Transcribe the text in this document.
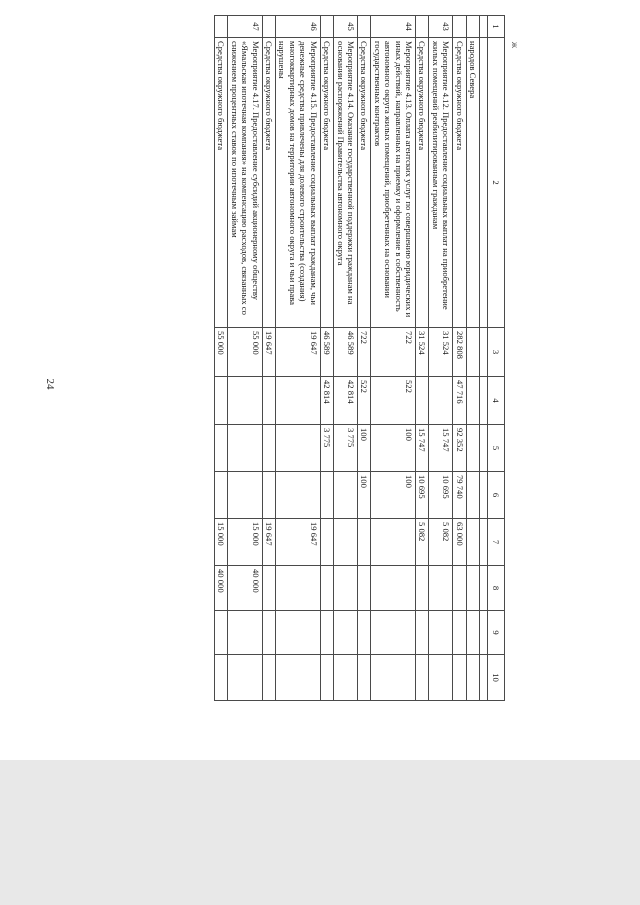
24
ж
1	2	3	4	5	6	7	8	9	10

	народов Севера								
	Средства окружного бюджета	282 808	47 716	92 352	79 740	63 000			
43	Мероприятие 4.12. Предоставление социальных выплат на приобретение жилых помещений реабилитированным гражданам	31 524		15 747	10 695	5 082			
	Средства окружного бюджета	31 524		15 747	10 695	5 082			
44	Мероприятие 4.13. Оплата агентских услуг по совершению юридических и иных действий, направленных на приемку и оформление в собственность автономного округа жилых помещений, приобретенных на основании государственных контрактов	722	522	100	100				
	Средства окружного бюджета	722	522	100	100				
45	Мероприятие 4.14. Оказание государственной поддержки гражданам на основании распоряжений Правительства автономного округа	46 589	42 814	3 775					
	Средства окружного бюджета	46 589	42 814	3 775					
46	Мероприятие 4.15. Предоставление социальных выплат гражданам, чьи денежные средства привлечены для долевого строительства (создания) многоквартирных домов на территории автономного округа и чьи права нарушены	19 647				19 647			
	Средства окружного бюджета	19 647				19 647			
47	Мероприятие 4.17. Предоставление субсидий акционерному обществу «Ямальская ипотечная компания» на компенсацию расходов, связанных со снижением процентных ставок по ипотечным займам	55 000				15 000	40 000		
	Средства окружного бюджета	55 000				15 000	40 000		
